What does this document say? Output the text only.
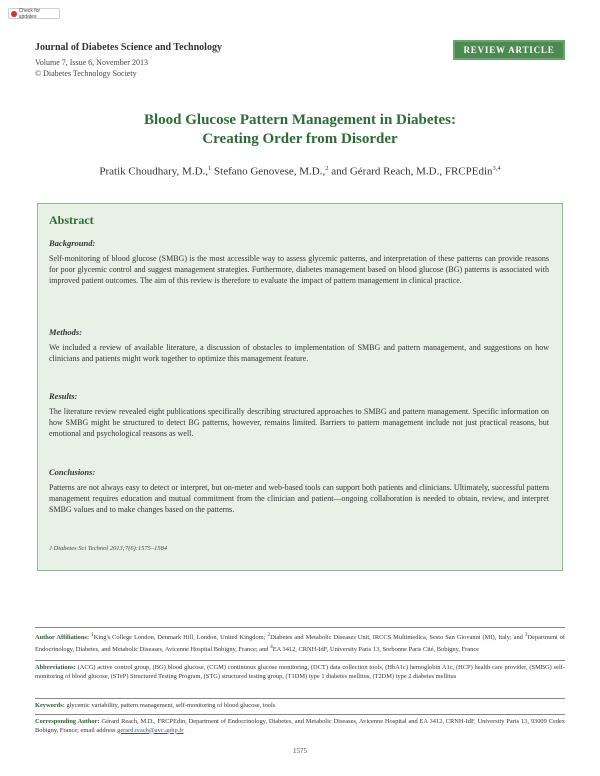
Check for updates
Journal of Diabetes Science and Technology
Volume 7, Issue 6, November 2013
© Diabetes Technology Society
REVIEW ARTICLE
Blood Glucose Pattern Management in Diabetes:
Creating Order from Disorder
Pratik Choudhary, M.D.,$^1$ Stefano Genovese, M.D.,$^2$ and Gérard Reach, M.D., FRCPEdin$^{3,4}$
Abstract
Background:
Self-monitoring of blood glucose (SMBG) is the most accessible way to assess glycemic patterns, and interpretation of these patterns can provide reasons for poor glycemic control and suggest management strategies. Furthermore, diabetes management based on blood glucose (BG) patterns is associated with improved patient outcomes. The aim of this review is therefore to evaluate the impact of pattern management in clinical practice.
Methods:
We included a review of available literature, a discussion of obstacles to implementation of SMBG and pattern management, and suggestions on how clinicians and patients might work together to optimize this management feature.
Results:
The literature review revealed eight publications specifically describing structured approaches to SMBG and pattern management. Specific information on how SMBG might be structured to detect BG patterns, however, remains limited. Barriers to pattern management include not just practical reasons, but emotional and psychological reasons as well.
Conclusions:
Patterns are not always easy to detect or interpret, but on-meter and web-based tools can support both patients and clinicians. Ultimately, successful pattern management requires education and mutual commitment from the clinician and patient—ongoing collaboration is needed to obtain, review, and interpret SMBG values and to make changes based on the patterns.
J Diabetes Sci Technol 2013;7(6):1575–1584
Author Affiliations: $^1$King's College London, Denmark Hill, London, United Kingdom; $^2$Diabetes and Metabolic Diseases Unit, IRCCS Multimedica, Sesto San Giovanni (MI), Italy; and $^3$Department of Endocrinology, Diabetes, and Metabolic Diseases, Avicenne Hospital Bobigny, France; and $^4$EA 3412, CRNH-IdF, University Paris 13, Sorbonne Paris Cité, Bobigny, France
Abbreviations: (ACG) active control group, (BG) blood glucose, (CGM) continuous glucose monitoring, (DCT) data collection tools, (HbA1c) hemoglobin A1c, (HCP) health care provider, (SMBG) self-monitoring of blood glucose, (STeP) Structured Testing Program, (STG) structured testing group, (T1DM) type 1 diabetes mellitus, (T2DM) type 2 diabetes mellitus
Keywords: glycemic variability, pattern management, self-monitoring of blood glucose, tools
Corresponding Author: Gérard Reach, M.D., FRCPEdin, Department of Endocrinology, Diabetes, and Metabolic Diseases, Avicenne Hospital and EA 3412, CRNH-IdF, University Paris 13, 93009 Cedex Bobigny, France; email address gerard.reach@avc.aphp.fr
1575
